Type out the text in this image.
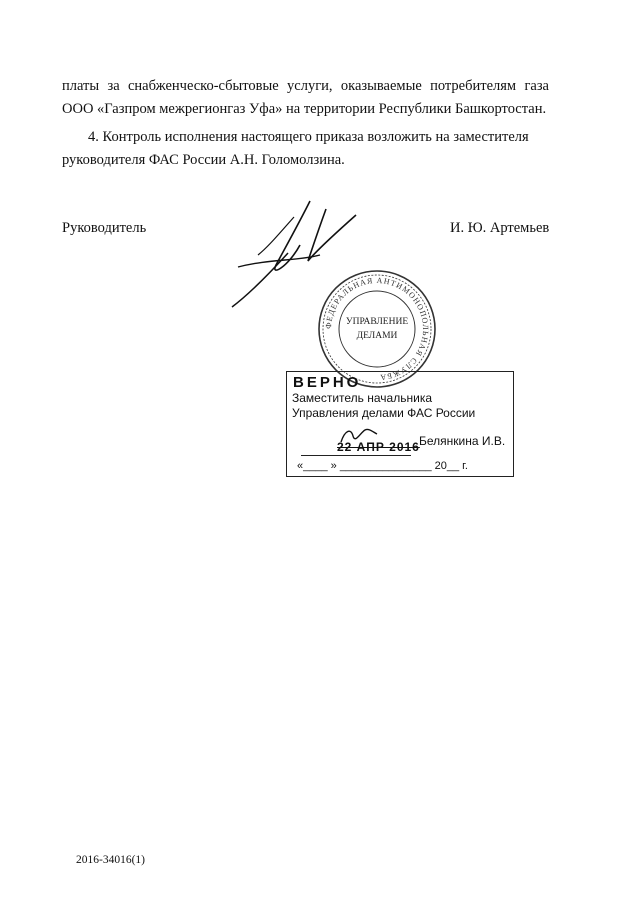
платы за снабженческо-сбытовые услуги, оказываемые потребителям газа
ООО «Газпром межрегионгаз Уфа» на территории Республики Башкортостан.
4. Контроль исполнения настоящего приказа возложить на заместителя
руководителя ФАС России А.Н. Голомолзина.
Руководитель	И. Ю. Артемьев
ФЕДЕРАЛЬНАЯ АНТИМОНОПОЛЬНАЯ СЛУЖБА
УПРАВЛЕНИЕ
ДЕЛАМИ
ВЕРНО
Заместитель начальника
Управления делами ФАС России
22 АПР 2016 Белянкина И.В.
«____ » _______________ 20__ г.
2016-34016(1)
